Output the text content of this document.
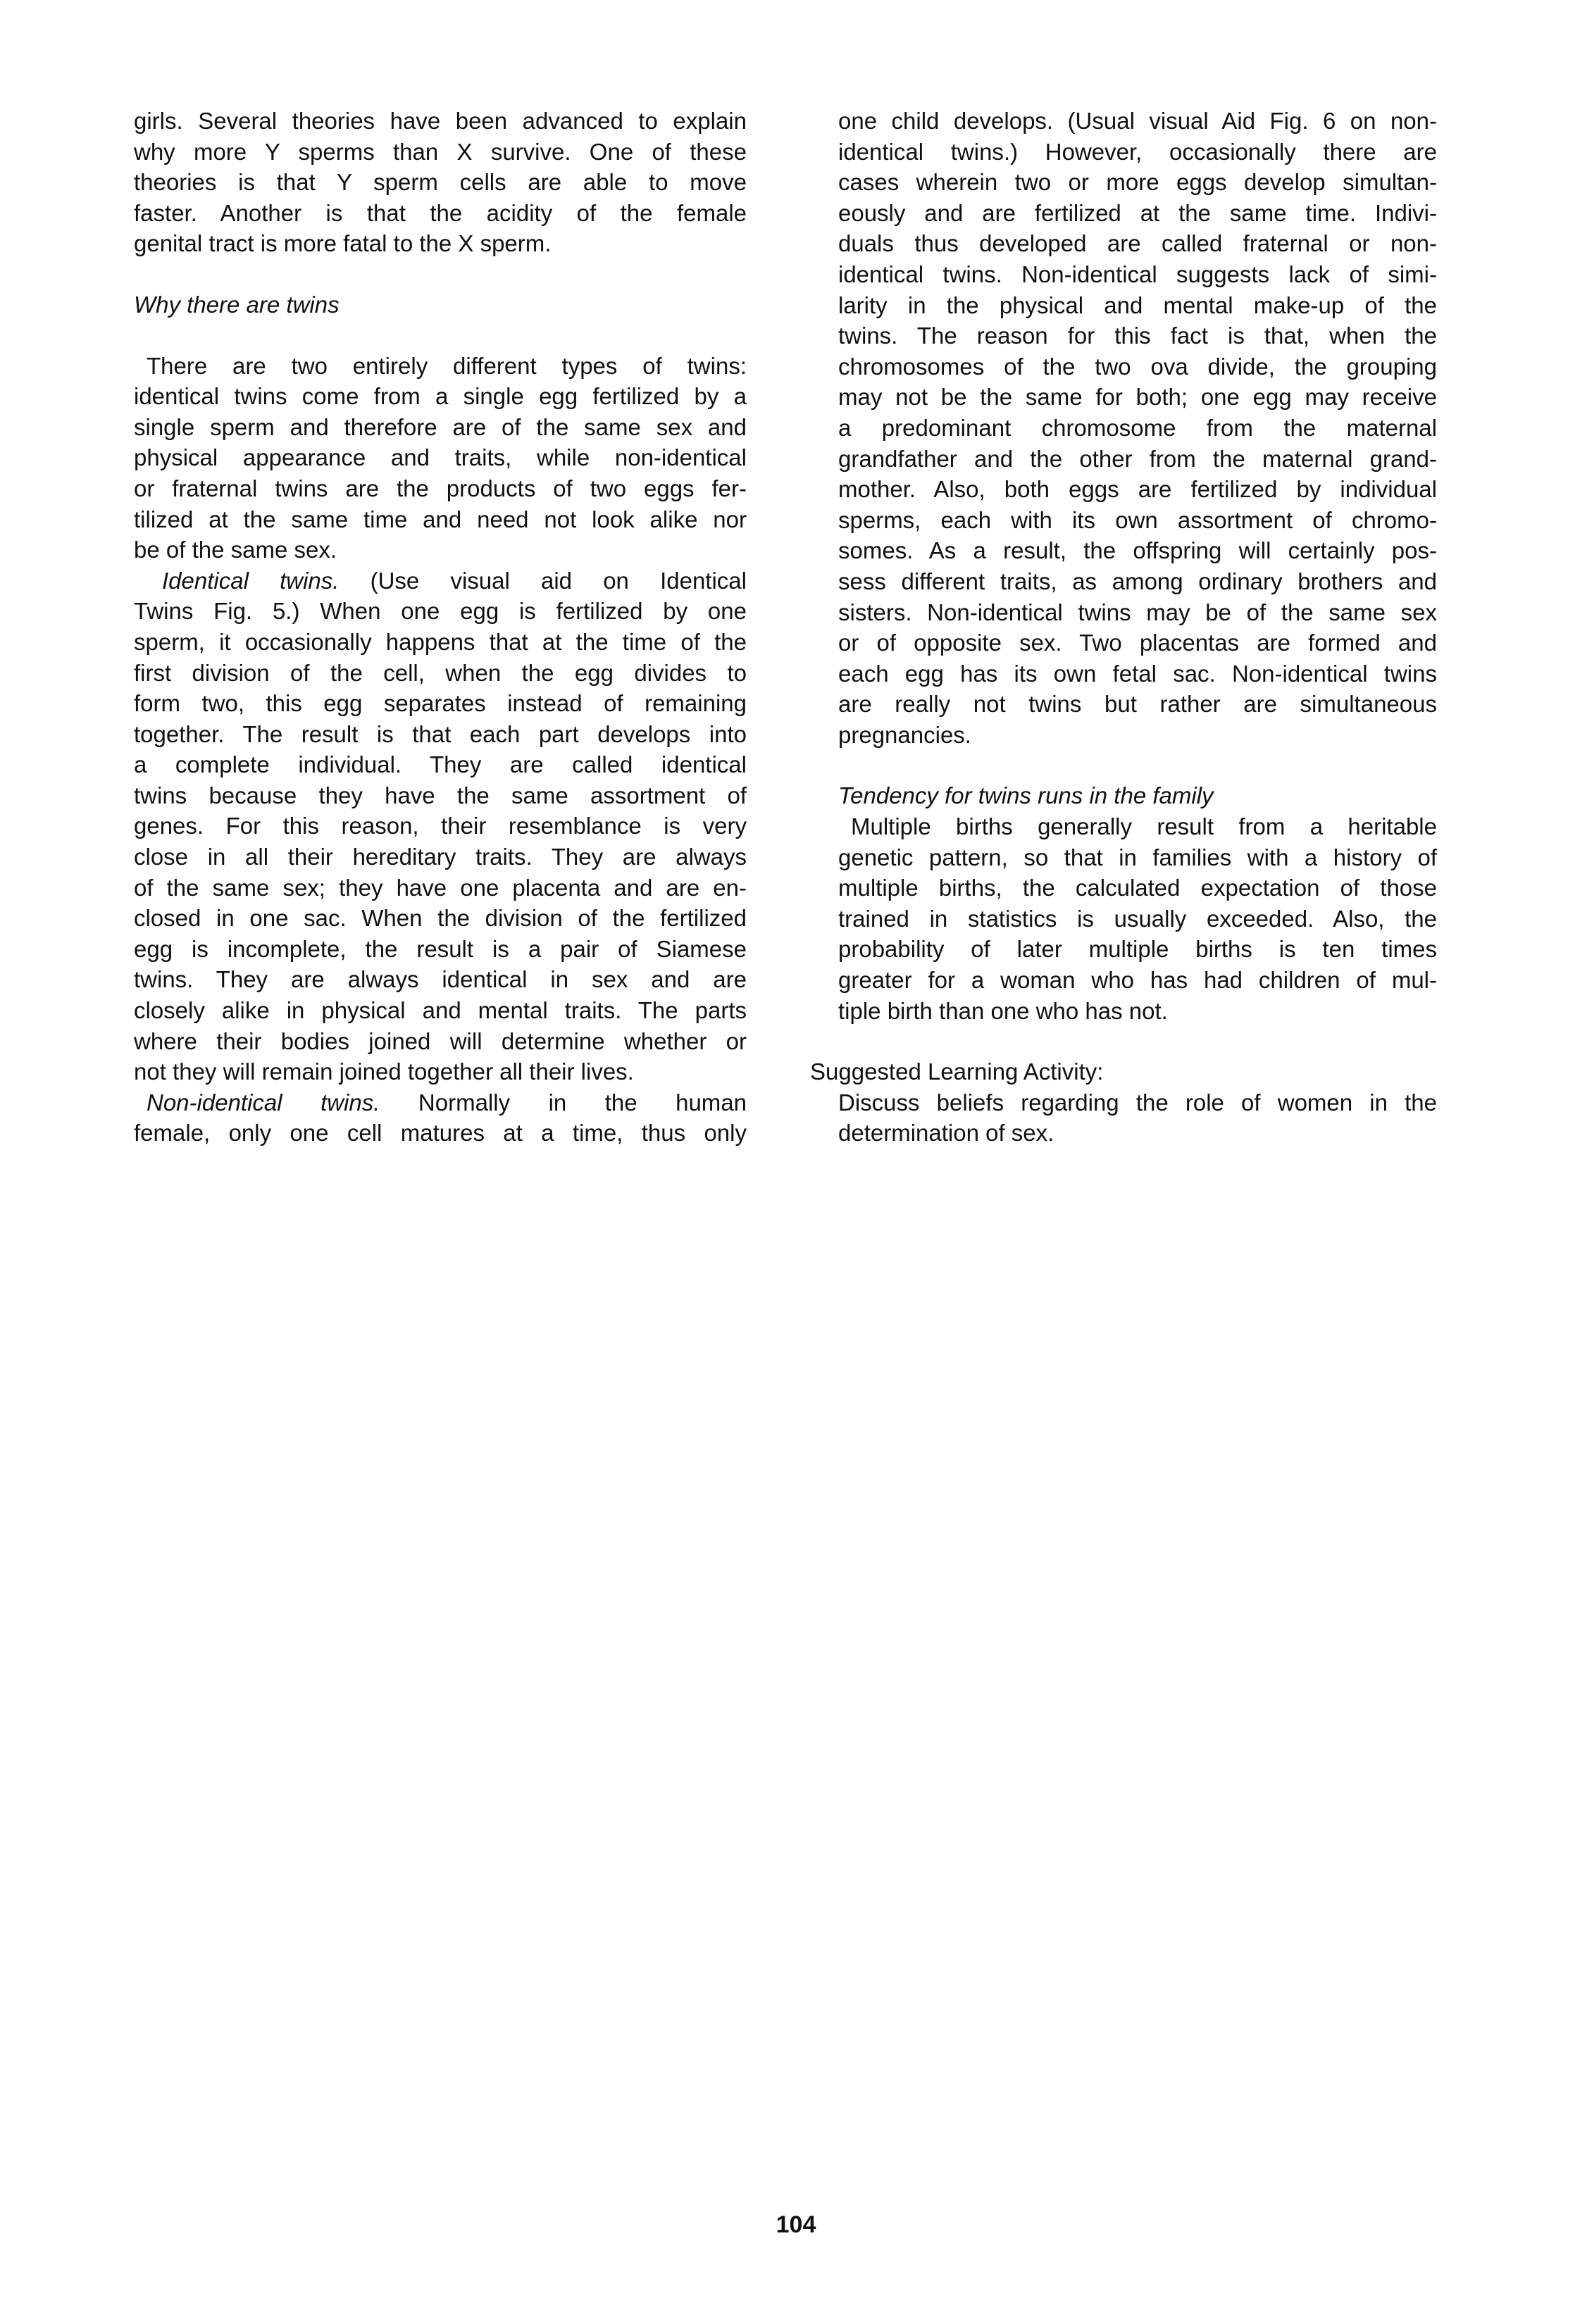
girls. Several theories have been advanced to explain
why more Y sperms than X survive. One of these
theories is that Y sperm cells are able to move
faster. Another is that the acidity of the female
genital tract is more fatal to the X sperm.
Why there are twins
There are two entirely different types of twins:
identical twins come from a single egg fertilized by a
single sperm and therefore are of the same sex and
physical appearance and traits, while non-identical
or fraternal twins are the products of two eggs fer-
tilized at the same time and need not look alike nor
be of the same sex.
Identical twins. (Use visual aid on Identical
Twins Fig. 5.) When one egg is fertilized by one
sperm, it occasionally happens that at the time of the
first division of the cell, when the egg divides to
form two, this egg separates instead of remaining
together. The result is that each part develops into
a complete individual. They are called identical
twins because they have the same assortment of
genes. For this reason, their resemblance is very
close in all their hereditary traits. They are always
of the same sex; they have one placenta and are en-
closed in one sac. When the division of the fertilized
egg is incomplete, the result is a pair of Siamese
twins. They are always identical in sex and are
closely alike in physical and mental traits. The parts
where their bodies joined will determine whether or
not they will remain joined together all their lives.
Non-identical twins. Normally in the human
female, only one cell matures at a time, thus only
one child develops. (Usual visual Aid Fig. 6 on non-
identical twins.) However, occasionally there are
cases wherein two or more eggs develop simultan-
eously and are fertilized at the same time. Indivi-
duals thus developed are called fraternal or non-
identical twins. Non-identical suggests lack of simi-
larity in the physical and mental make-up of the
twins. The reason for this fact is that, when the
chromosomes of the two ova divide, the grouping
may not be the same for both; one egg may receive
a predominant chromosome from the maternal
grandfather and the other from the maternal grand-
mother. Also, both eggs are fertilized by individual
sperms, each with its own assortment of chromo-
somes. As a result, the offspring will certainly pos-
sess different traits, as among ordinary brothers and
sisters. Non-identical twins may be of the same sex
or of opposite sex. Two placentas are formed and
each egg has its own fetal sac. Non-identical twins
are really not twins but rather are simultaneous
pregnancies.
Tendency for twins runs in the family
Multiple births generally result from a heritable
genetic pattern, so that in families with a history of
multiple births, the calculated expectation of those
trained in statistics is usually exceeded. Also, the
probability of later multiple births is ten times
greater for a woman who has had children of mul-
tiple birth than one who has not.
Suggested Learning Activity:
Discuss beliefs regarding the role of women in the
determination of sex.
104
